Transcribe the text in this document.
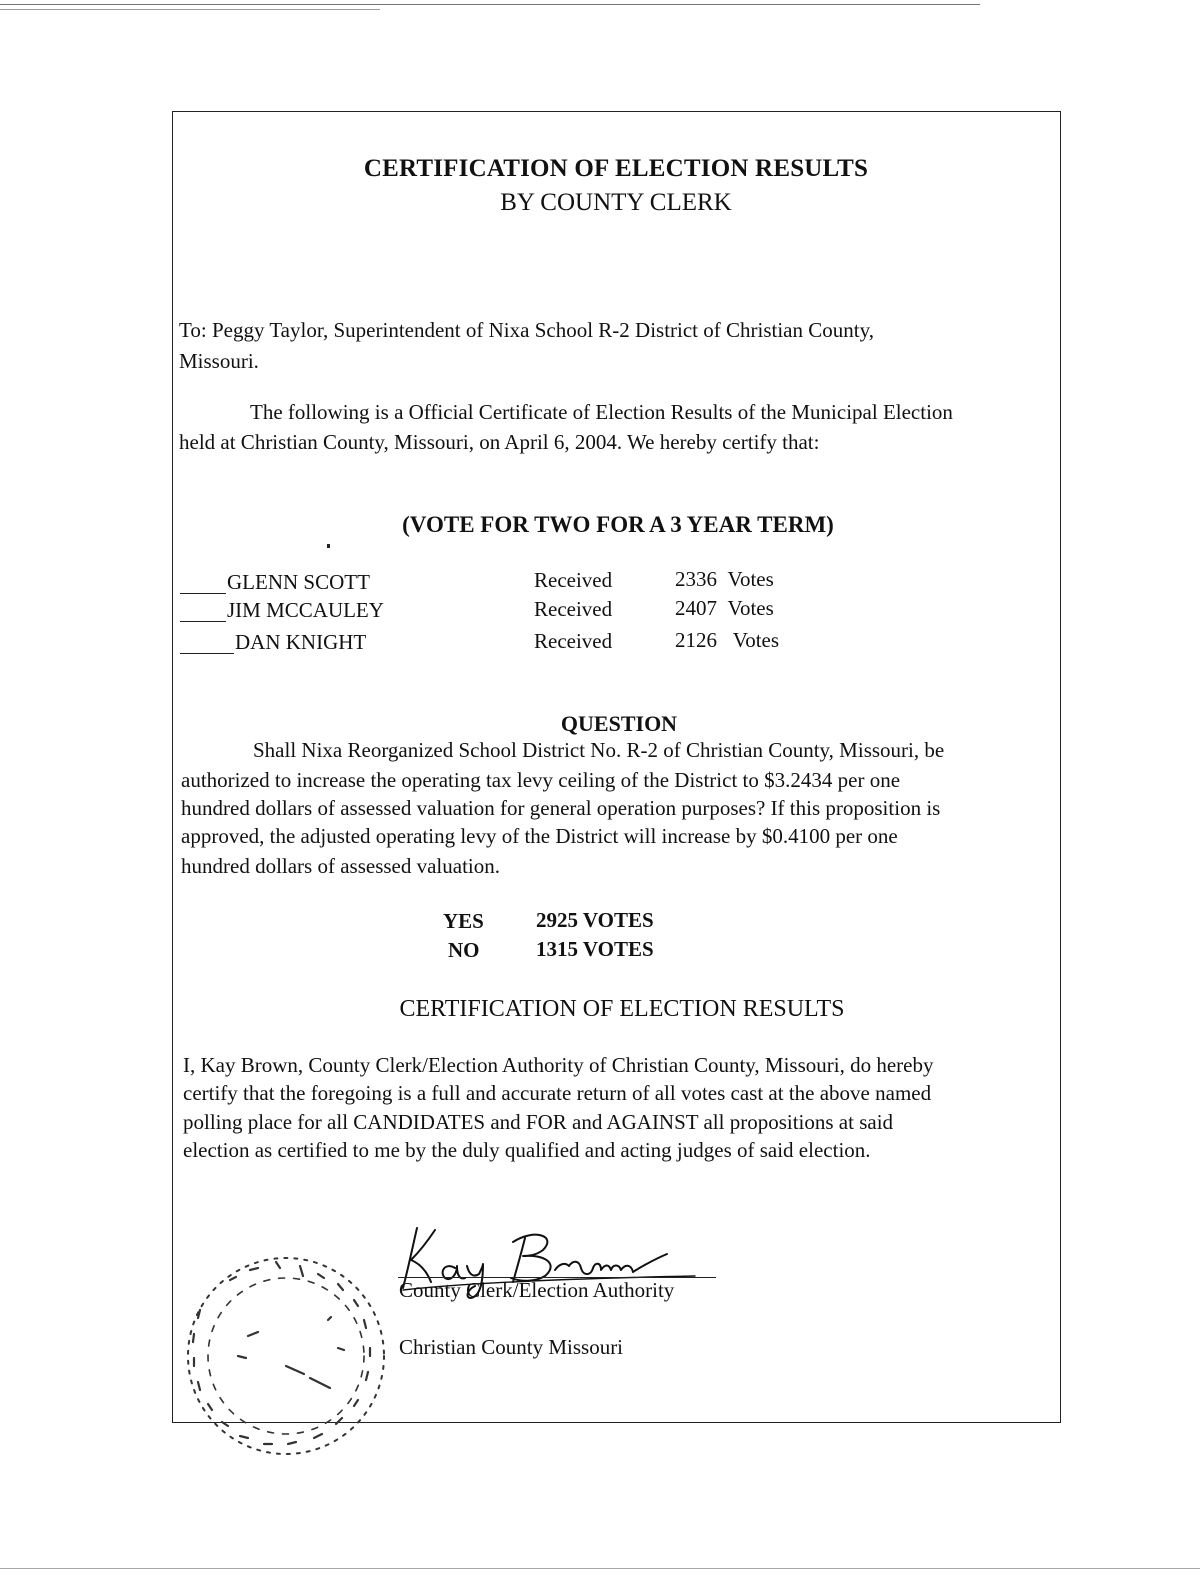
CERTIFICATION OF ELECTION RESULTS
BY COUNTY CLERK
To: Peggy Taylor, Superintendent of Nixa School R-2 District of Christian County,
Missouri.
The following is a Official Certificate of Election Results of the Municipal Election
held at Christian County, Missouri, on April 6, 2004. We hereby certify that:
(VOTE FOR TWO FOR A 3 YEAR TERM)
GLENN SCOTT	Received	2336 Votes
JIM MCCAULEY	Received	2407 Votes
DAN KNIGHT	Received	2126 Votes
QUESTION
Shall Nixa Reorganized School District No. R-2 of Christian County, Missouri, be
authorized to increase the operating tax levy ceiling of the District to $3.2434 per one
hundred dollars of assessed valuation for general operation purposes? If this proposition is
approved, the adjusted operating levy of the District will increase by $0.4100 per one
hundred dollars of assessed valuation.
YES 2925 VOTES
NO	1315 VOTES
CERTIFICATION OF ELECTION RESULTS
I, Kay Brown, County Clerk/Election Authority of Christian County, Missouri, do hereby
certify that the foregoing is a full and accurate return of all votes cast at the above named
polling place for all CANDIDATES and FOR and AGAINST all propositions at said
election as certified to me by the duly qualified and acting judges of said election.
County Clerk/Election Authority
Christian County Missouri
